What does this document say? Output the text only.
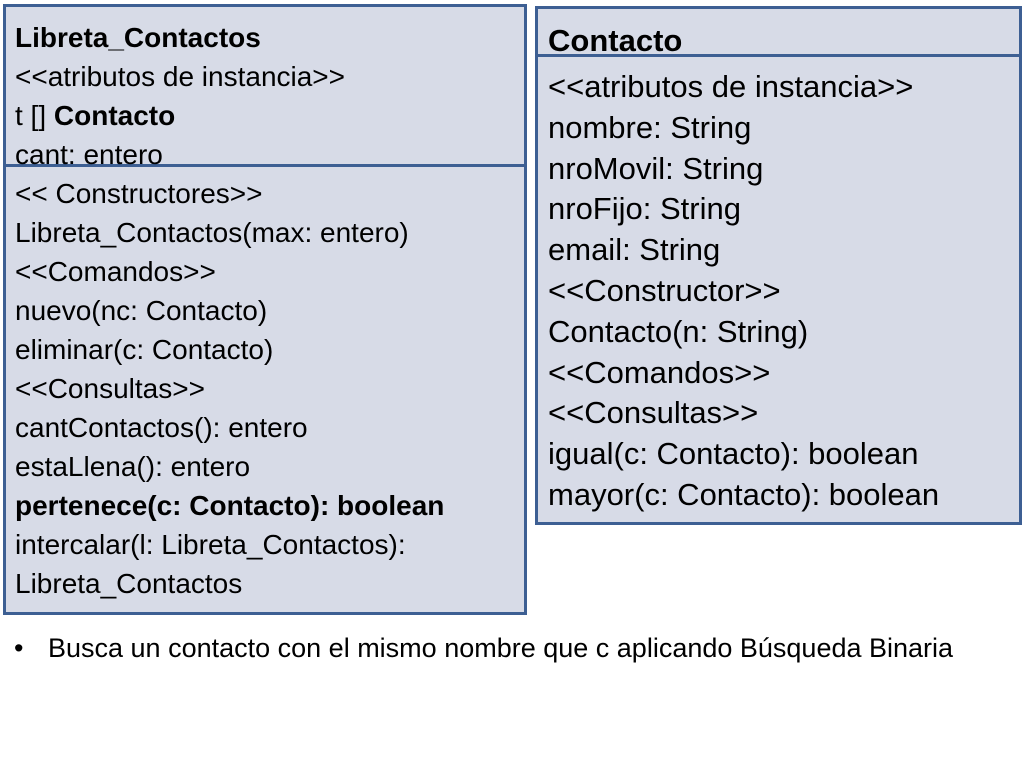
Libreta_Contactos
<<atributos de instancia>>
t [] Contacto
cant: entero
<< Constructores>>
Libreta_Contactos(max: entero)
<<Comandos>>
nuevo(nc: Contacto)
eliminar(c: Contacto)
<<Consultas>>
cantContactos(): entero
estaLlena(): entero
pertenece(c: Contacto): boolean
intercalar(l: Libreta_Contactos):
Libreta_Contactos
Contacto
<<atributos de instancia>>
nombre: String
nroMovil: String
nroFijo: String
email: String
<<Constructor>>
Contacto(n: String)
<<Comandos>>
<<Consultas>>
igual(c: Contacto): boolean
mayor(c: Contacto): boolean
• Busca un contacto con el mismo nombre que c aplicando Búsqueda Binaria
